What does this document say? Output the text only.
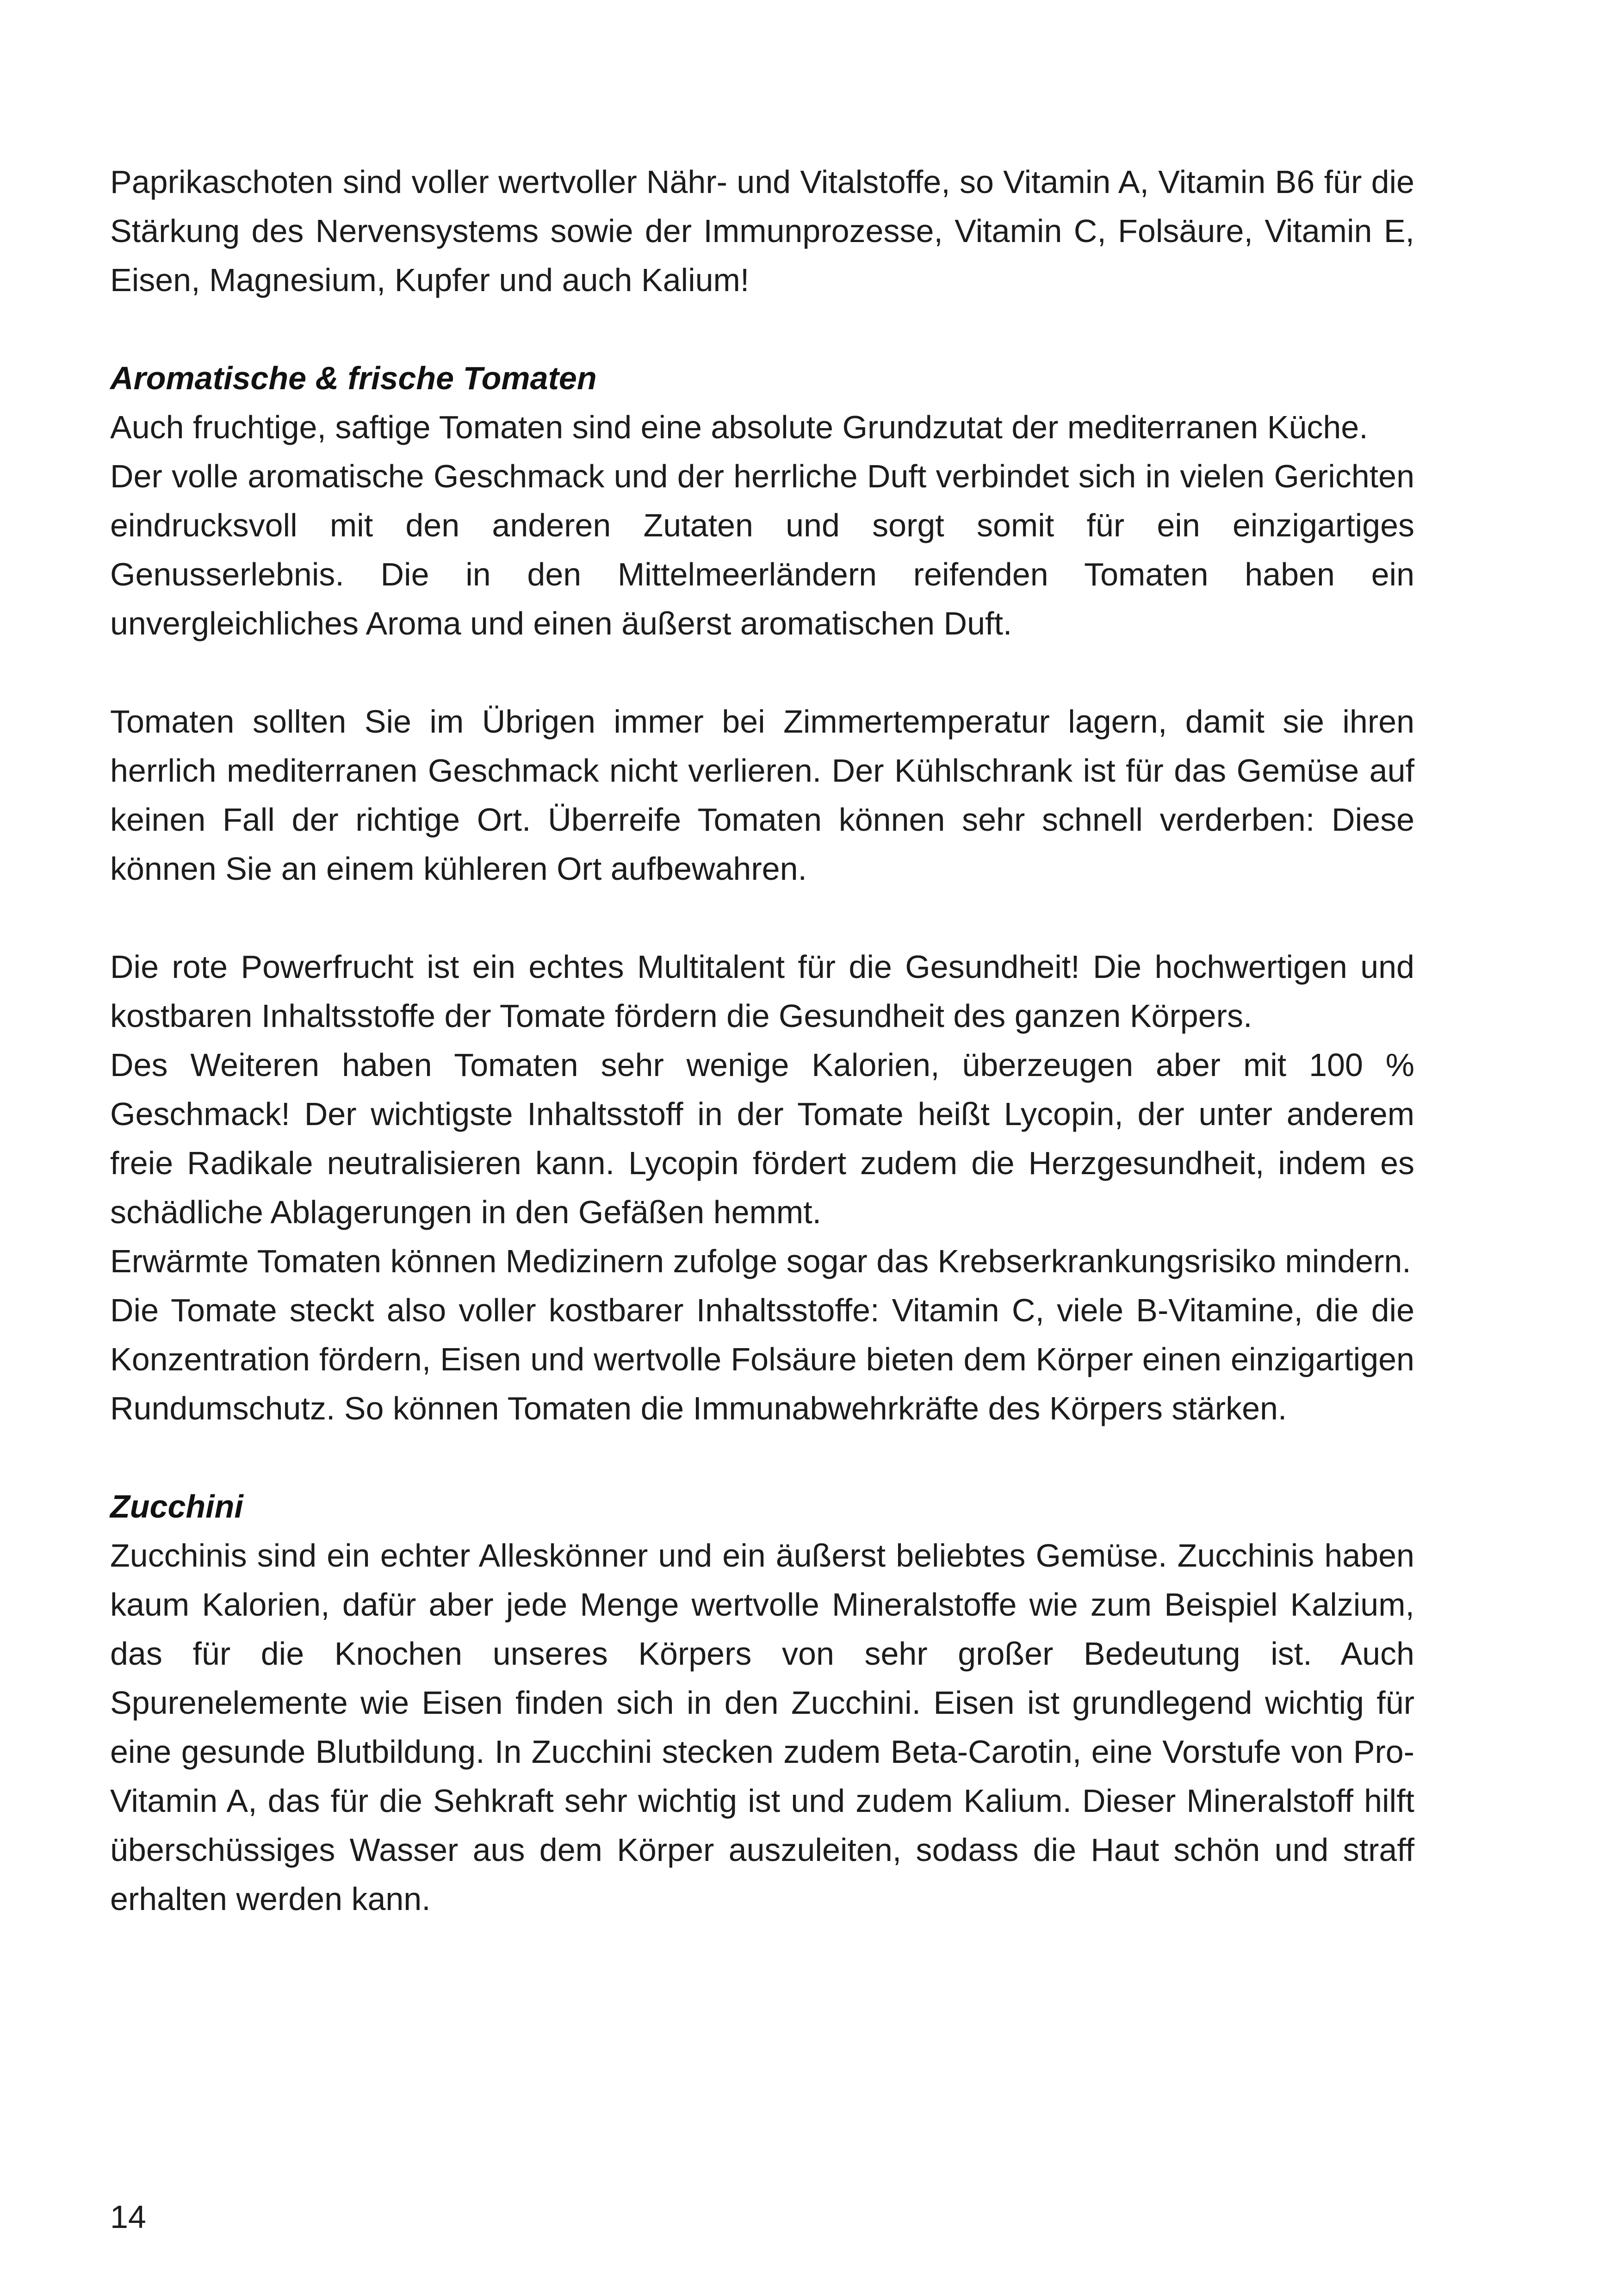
Paprikaschoten sind voller wertvoller Nähr- und Vitalstoffe, so Vitamin A, Vitamin B6 für die Stärkung des Nervensystems sowie der Immunprozesse, Vitamin C, Folsäure, Vitamin E, Eisen, Magnesium, Kupfer und auch Kalium!

Aromatische & frische Tomaten

Auch fruchtige, saftige Tomaten sind eine absolute Grundzutat der mediterranen Küche.

Der volle aromatische Geschmack und der herrliche Duft verbindet sich in vielen Gerichten eindrucksvoll mit den anderen Zutaten und sorgt somit für ein einzigartiges Genusserlebnis. Die in den Mittelmeerländern reifenden Tomaten haben ein unvergleichliches Aroma und einen äußerst aromatischen Duft.

Tomaten sollten Sie im Übrigen immer bei Zimmertemperatur lagern, damit sie ihren herrlich mediterranen Geschmack nicht verlieren. Der Kühlschrank ist für das Gemüse auf keinen Fall der richtige Ort. Überreife Tomaten können sehr schnell verderben: Diese können Sie an einem kühleren Ort aufbewahren.

Die rote Powerfrucht ist ein echtes Multitalent für die Gesundheit! Die hochwertigen und kostbaren Inhaltsstoffe der Tomate fördern die Gesundheit des ganzen Körpers.

Des Weiteren haben Tomaten sehr wenige Kalorien, überzeugen aber mit 100 % Geschmack! Der wichtigste Inhaltsstoff in der Tomate heißt Lycopin, der unter anderem freie Radikale neutralisieren kann. Lycopin fördert zudem die Herzgesundheit, indem es schädliche Ablagerungen in den Gefäßen hemmt.

Erwärmte Tomaten können Medizinern zufolge sogar das Krebserkrankungsrisiko mindern.

Die Tomate steckt also voller kostbarer Inhaltsstoffe: Vitamin C, viele B-Vitamine, die die Konzentration fördern, Eisen und wertvolle Folsäure bieten dem Körper einen einzigartigen Rundumschutz. So können Tomaten die Immunabwehrkräfte des Körpers stärken.

Zucchini

Zucchinis sind ein echter Alleskönner und ein äußerst beliebtes Gemüse. Zucchinis haben kaum Kalorien, dafür aber jede Menge wertvolle Mineralstoffe wie zum Beispiel Kalzium, das für die Knochen unseres Körpers von sehr großer Bedeutung ist. Auch Spurenelemente wie Eisen finden sich in den Zucchini. Eisen ist grundlegend wichtig für eine gesunde Blutbildung. In Zucchini stecken zudem Beta-Carotin, eine Vorstufe von Pro-Vitamin A, das für die Sehkraft sehr wichtig ist und zudem Kalium. Dieser Mineralstoff hilft überschüssiges Wasser aus dem Körper auszuleiten, sodass die Haut schön und straff erhalten werden kann.

14
